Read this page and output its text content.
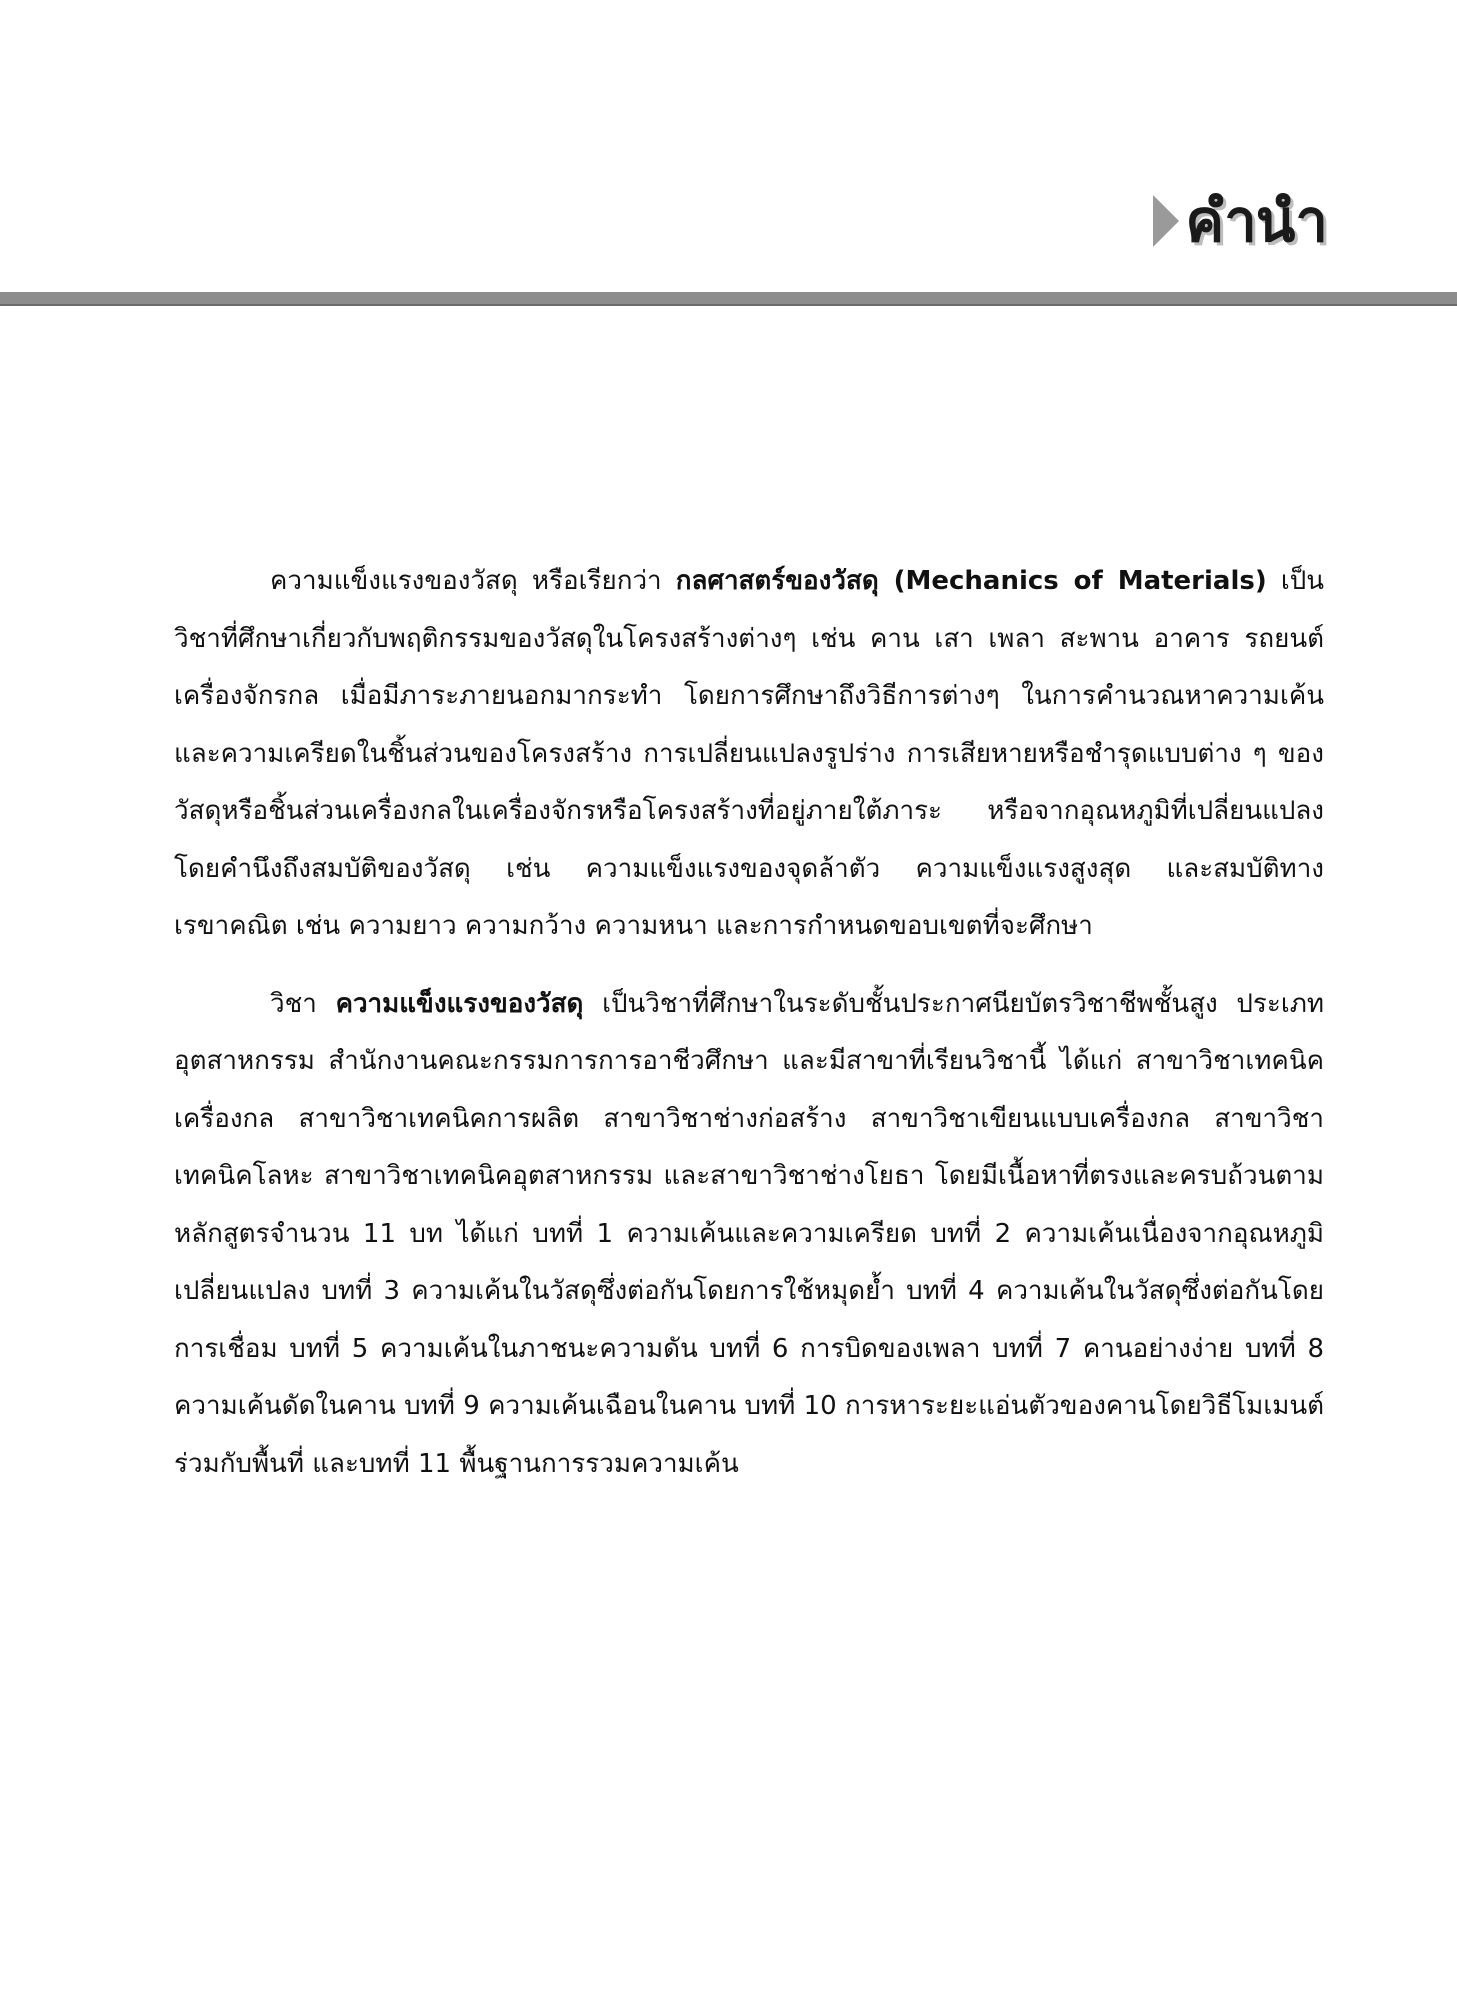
คำนำ

ความแข็งแรงของวัสดุ หรือเรียกว่า กลศาสตร์ของวัสดุ (Mechanics of Materials) เป็นวิชาที่ศึกษาเกี่ยวกับพฤติกรรมของวัสดุในโครงสร้างต่างๆ เช่น คาน เสา เพลา สะพาน อาคาร รถยนต์ เครื่องจักรกล เมื่อมีภาระภายนอกมากระทำ โดยการศึกษาถึงวิธีการต่างๆ ในการคำนวณหาความเค้นและความเครียดในชิ้นส่วนของโครงสร้าง การเปลี่ยนแปลงรูปร่าง การเสียหายหรือชำรุดแบบต่าง ๆ ของวัสดุหรือชิ้นส่วนเครื่องกลในเครื่องจักรหรือโครงสร้างที่อยู่ภายใต้ภาระ หรือจากอุณหภูมิที่เปลี่ยนแปลง โดยคำนึงถึงสมบัติของวัสดุ เช่น ความแข็งแรงของจุดล้าตัว ความแข็งแรงสูงสุด และสมบัติทางเรขาคณิต เช่น ความยาว ความกว้าง ความหนา และการกำหนดขอบเขตที่จะศึกษา

วิชา ความแข็งแรงของวัสดุ เป็นวิชาที่ศึกษาในระดับชั้นประกาศนียบัตรวิชาชีพชั้นสูง ประเภทอุตสาหกรรม สำนักงานคณะกรรมการการอาชีวศึกษา และมีสาขาที่เรียนวิชานี้ ได้แก่ สาขาวิชาเทคนิคเครื่องกล สาขาวิชาเทคนิคการผลิต สาขาวิชาช่างก่อสร้าง สาขาวิชาเขียนแบบเครื่องกล สาขาวิชาเทคนิคโลหะ สาขาวิชาเทคนิคอุตสาหกรรม และสาขาวิชาช่างโยธา โดยมีเนื้อหาที่ตรงและครบถ้วนตามหลักสูตรจำนวน 11 บท ได้แก่ บทที่ 1 ความเค้นและความเครียด บทที่ 2 ความเค้นเนื่องจากอุณหภูมิเปลี่ยนแปลง บทที่ 3 ความเค้นในวัสดุซึ่งต่อกันโดยการใช้หมุดย้ำ บทที่ 4 ความเค้นในวัสดุซึ่งต่อกันโดยการเชื่อม บทที่ 5 ความเค้นในภาชนะความดัน บทที่ 6 การบิดของเพลา บทที่ 7 คานอย่างง่าย บทที่ 8 ความเค้นดัดในคาน บทที่ 9 ความเค้นเฉือนในคาน บทที่ 10 การหาระยะแอ่นตัวของคานโดยวิธีโมเมนต์ร่วมกับพื้นที่ และบทที่ 11 พื้นฐานการรวมความเค้น
